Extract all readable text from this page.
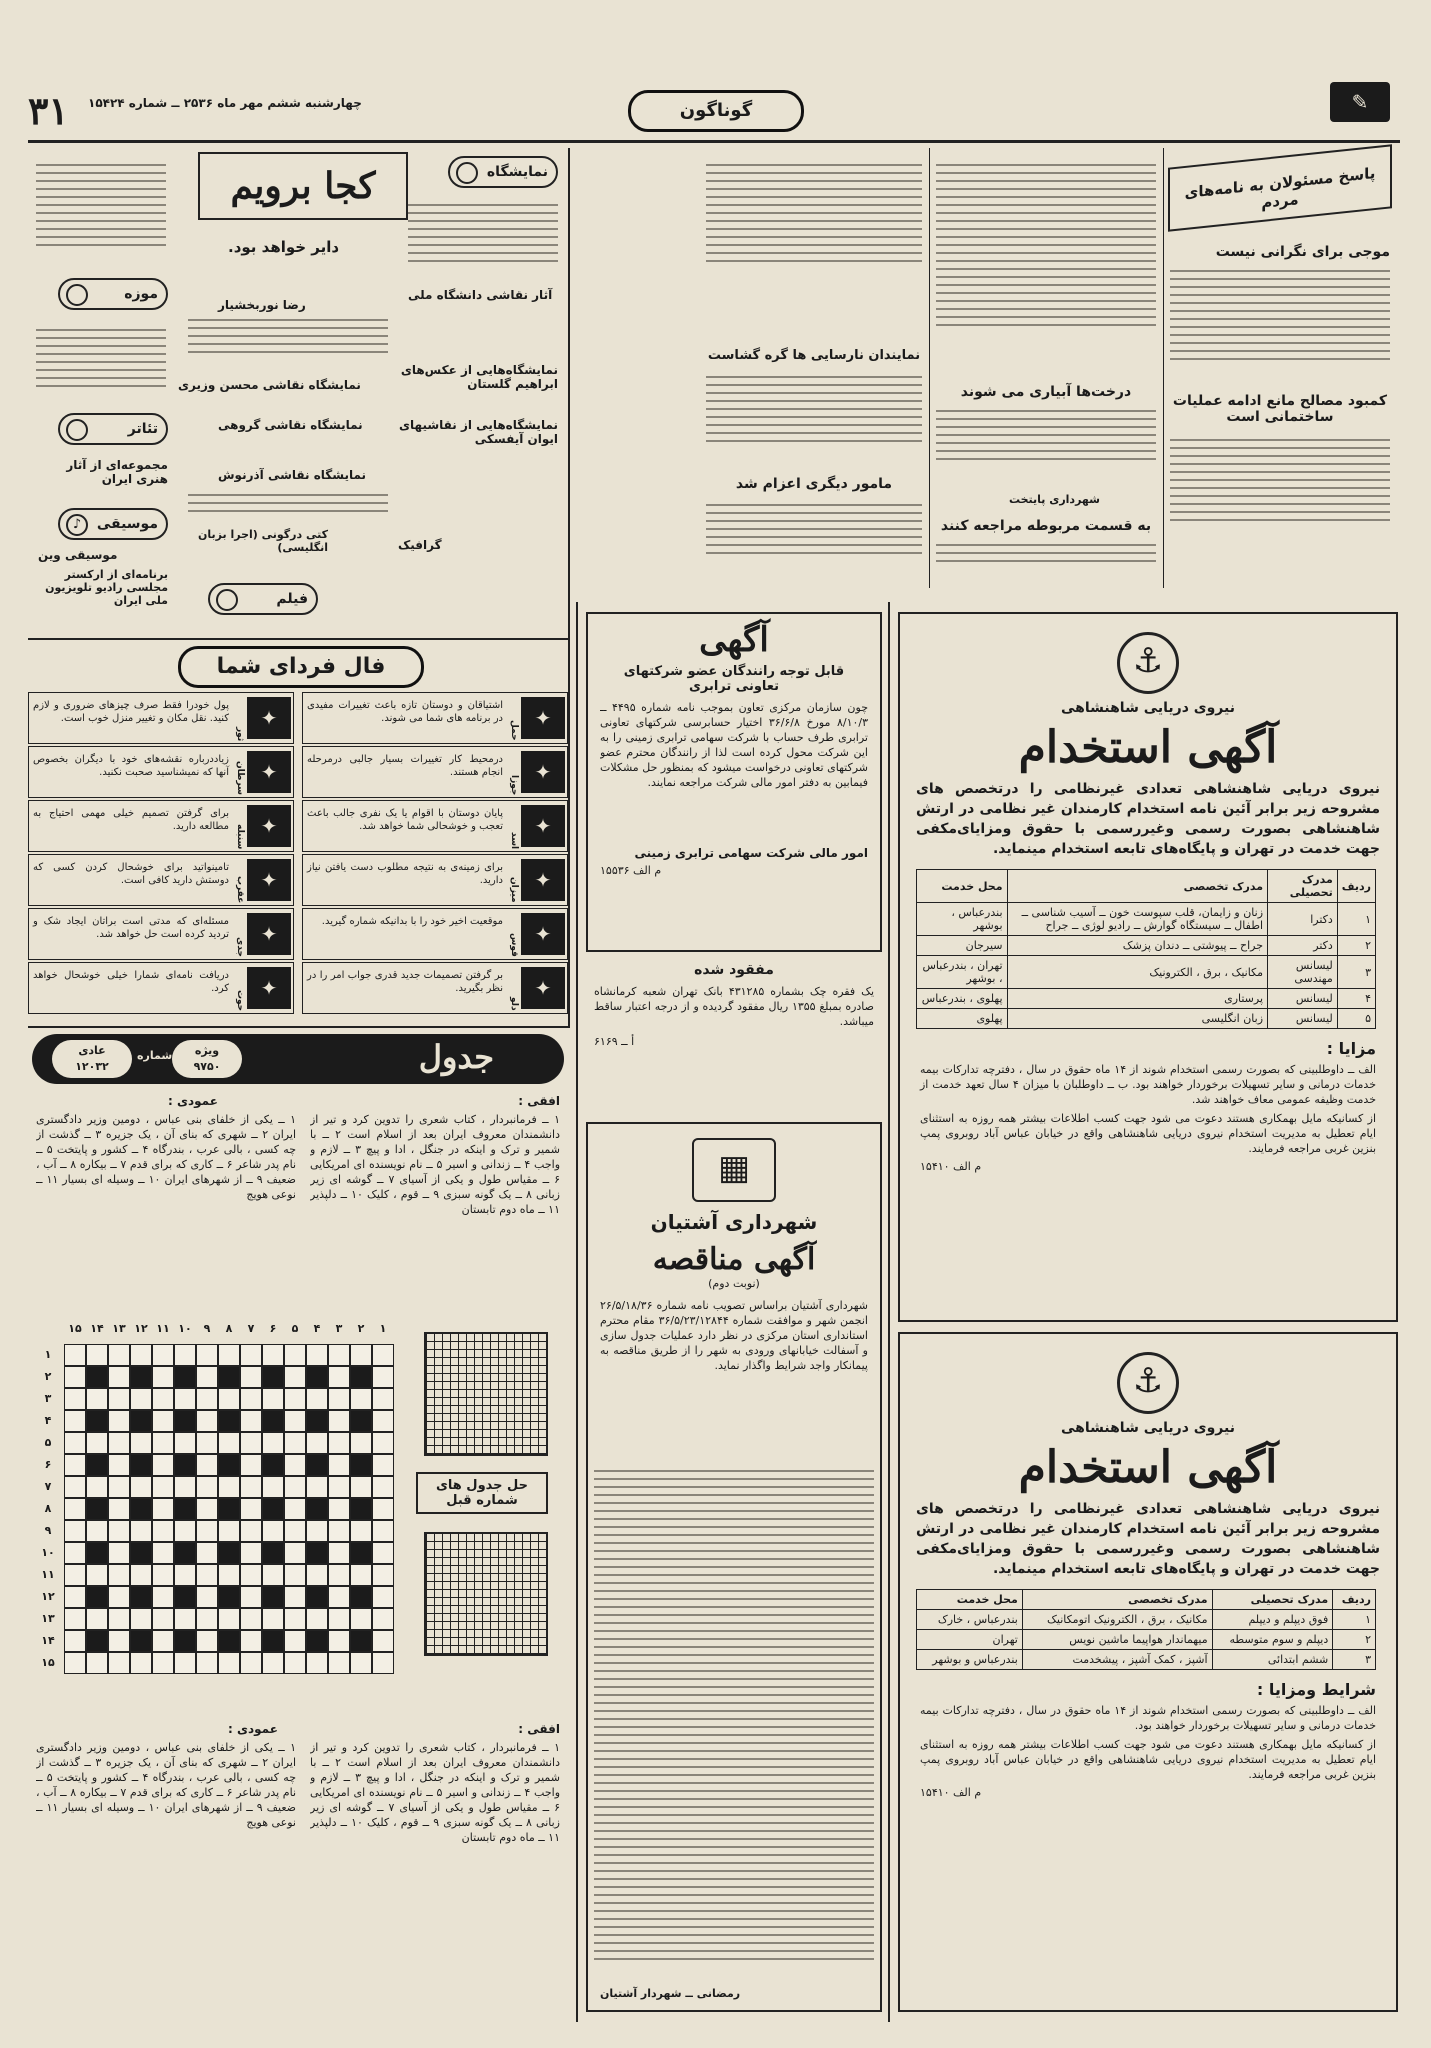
۳۱ چهارشنبه ششم مهر ماه ۲۵۳۶ ــ شماره ۱۵۴۲۴	گوناگون	✎
پاسخ مسئولان به نامه‌های مردم
موجی برای نگرانی نیست
کمبود مصالح مانع ادامه عملیات ساختمانی است
درخت‌ها آبیاری می شوند
شهرداری پایتخت
به قسمت مربوطه مراجعه کنند
نمایندان نارسایی ها گره گشاست
مامور دیگری اعزام شد
کجا برویم	نمایشگاه
موزه
تئاتر
♪	موسیقی
فیلم
دایر خواهد بود.
نمایشگاه نقاشی محسن وزیری
آثار نقاشی دانشگاه ملی
نمایشگاه‌هایی از عکس‌های ابراهیم گلستان
نمایشگاه‌هایی از نقاشیهای ایوان آیفسکی
نمایشگاه نقاشی آذرنوش
نمایشگاه نقاشی گروهی
مجموعه‌ای از آثار هنری ایران
گرافیک
موسیقی وین
برنامه‌ای از ارکستر مجلسی رادیو تلویزیون ملی ایران
کتی درگونی (اجرا بزبان انگلیسی)
رضا نوربخشیار
فال فردای شما
✦
حمل
اشتیاقان و دوستان تازه باعث تغییرات مفیدی در برنامه های شما می شوند.
✦
ثور
پول خودرا فقط صرف چیزهای ضروری و لازم کنید. نقل مکان و تغییر منزل خوب است.
✦
جوزا
درمحیط کار تغییرات بسیار جالبی درمرحله انجام هستند.
✦
سرطان
زیاددرباره نقشه‌های خود با دیگران بخصوص آنها که نمیشناسید صحبت نکنید.
✦
اسد
پایان دوستان با اقوام یا یک نفری جالب باعث تعجب و خوشحالی شما خواهد شد.
✦
سنبله
برای گرفتن تصمیم خیلی مهمی احتیاج به مطالعه دارید.
✦
میزان
برای زمینه‌ی به نتیجه مطلوب دست یافتن نیاز دارید.
✦
عقرب
تامینواتید برای خوشحال کردن کسی که دوستش دارید کافی است.
✦
قوس
موقعیت اخیر خود را با بدانیکه شماره گیرید.
✦
جدی
مسئله‌ای که مدتی است براتان ایجاد شک و تردید کرده است حل خواهد شد.
✦
دلو
بر گرفتن تصمیمات جدید قدری جواب امر را در نظر بگیرید.
✦
حوت
دریافت نامه‌ای شمارا خیلی خوشحال خواهد کرد.
جدول
ویژه
۹۷۵۰
شماره
عادی
۱۲۰۳۲
افقی :
عمودی :
۱ ــ فرمانبردار ، کتاب شعری را تدوین کرد و تیر از دانشمندان معروف ایران بعد از اسلام است ۲ ــ با شمیر و ترک و اینکه در جنگل ، ادا و پیچ ۳ ــ لازم و واجب ۴ ــ زندانی و اسیر ۵ ــ نام نویسنده ای امریکایی ۶ ــ مقیاس طول و یکی از آسیای ۷ ــ گوشه ای زیر زبانی ۸ ــ یک گونه سبزی ۹ ــ قوم ، کلیک ۱۰ ــ دلپذیر ۱۱ ــ ماه دوم تابستان
۱ ــ یکی از خلفای بنی عباس ، دومین وزیر دادگستری ایران ۲ ــ شهری که بنای آن ، یک جزیره ۳ ــ گذشت از چه کسی ، بالی عرب ، بندرگاه ۴ ــ کشور و پایتخت ۵ ــ نام پدر شاعر ۶ ــ کاری که برای قدم ۷ ــ بیکاره ۸ ــ آب ، ضعیف ۹ ــ از شهرهای ایران ۱۰ ــ وسیله ای بسیار ۱۱ ــ نوعی هویج
۱
۲
۳
۴
۵
۶
۷
۸
۹
۱۰
۱۱
۱۲
۱۳
۱۴
۱۵
۱
۲
۳
۴
۵
۶
۷
۸
۹
۱۰
۱۱
۱۲
۱۳
۱۴
۱۵
حل جدول های شماره قبل
افقی :
عمودی :
۱ ــ فرمانبردار ، کتاب شعری را تدوین کرد و تیر از دانشمندان معروف ایران بعد از اسلام است ۲ ــ با شمیر و ترک و اینکه در جنگل ، ادا و پیچ ۳ ــ لازم و واجب ۴ ــ زندانی و اسیر ۵ ــ نام نویسنده ای امریکایی ۶ ــ مقیاس طول و یکی از آسیای ۷ ــ گوشه ای زیر زبانی ۸ ــ یک گونه سبزی ۹ ــ قوم ، کلیک ۱۰ ــ دلپذیر ۱۱ ــ ماه دوم تابستان
۱ ــ یکی از خلفای بنی عباس ، دومین وزیر دادگستری ایران ۲ ــ شهری که بنای آن ، یک جزیره ۳ ــ گذشت از چه کسی ، بالی عرب ، بندرگاه ۴ ــ کشور و پایتخت ۵ ــ نام پدر شاعر ۶ ــ کاری که برای قدم ۷ ــ بیکاره ۸ ــ آب ، ضعیف ۹ ــ از شهرهای ایران ۱۰ ــ وسیله ای بسیار ۱۱ ــ نوعی هویج
آگهی
قابل توجه رانندگان عضو شرکتهای تعاونی ترابری
چون سازمان مرکزی تعاون بموجب نامه شماره ۴۴۹۵ ــ ۸/۱۰/۳ مورخ ۳۶/۶/۸ اختیار حسابرسی شرکتهای تعاونی ترابری طرف حساب با شرکت سهامی ترابری زمینی را به این شرکت محول کرده است لذا از رانندگان محترم عضو شرکتهای تعاونی درخواست میشود که بمنظور حل مشکلات فیمابین به دفتر امور مالی شرکت مراجعه نمایند.
امور مالی شرکت سهامی ترابری زمینی
م الف ۱۵۵۳۶
مفقود شده
یک فقره چک بشماره ۴۳۱۲۸۵ بانک تهران شعبه کرمانشاه صادره بمبلغ ۱۳۵۵ ریال مفقود گردیده و از درجه اعتبار ساقط میباشد.
أ ــ ۶۱۶۹
▦
شهرداری آشتیان
آگهی مناقصه
(نوبت دوم)
شهرداری آشتیان براساس تصویب نامه شماره ۲۶/۵/۱۸/۳۶ انجمن شهر و موافقت شماره ۳۶/۵/۲۳/۱۲۸۴۴ مقام محترم استانداری استان مرکزی در نظر دارد عملیات جدول سازی و آسفالت خیابانهای ورودی به شهر را از طریق مناقصه به پیمانکار واجد شرایط واگذار نماید.
رمضانی ــ شهردار آشتیان
⚓
نیروی دریایی شاهنشاهی
آگهی استخدام
نیروی دریایی شاهنشاهی تعدادی غیرنظامی را درتخصص های مشروحه زیر برابر آئین نامه استخدام کارمندان غیر نظامی در ارتش شاهنشاهی بصورت رسمی وغیررسمی با حقوق ومزایای‌مکفی جهت خدمت در تهران و پایگاه‌های تابعه استخدام مینماید.
ردیف	مدرک تحصیلی	مدرک تخصصی	محل خدمت
۱	دکترا	زنان و زایمان، قلب سپوست خون ــ آسیب شناسی ــ اطفال ــ سیستگاه گوارش ــ رادیو لوژی ــ جراح	بندرعباس ، بوشهر
۲	دکتر	جراح ــ پیوشتی ــ دندان پزشک	سیرجان
۳	لیسانس مهندسی	مکانیک ، برق ، الکترونیک	تهران ، بندرعباس ، بوشهر
۴	لیسانس	پرستاری	پهلوی ، بندرعباس
۵	لیسانس	زبان انگلیسی	پهلوی
مزایا :
الف ــ داوطلبینی که بصورت رسمی استخدام شوند از ۱۴ ماه حقوق در سال ، دفترچه تدارکات بیمه خدمات درمانی و سایر تسهیلات برخوردار خواهند بود. ب ــ داوطلبان با میزان ۴ سال تعهد خدمت از خدمت وظیفه عمومی معاف خواهند شد.
از کسانیکه مایل بهمکاری هستند دعوت می شود جهت کسب اطلاعات بیشتر همه روزه به استثنای ایام تعطیل به مدیریت استخدام نیروی دریایی شاهنشاهی واقع در خیابان عباس آباد روبروی پمپ بنزین غربی مراجعه فرمایند.
م الف ۱۵۴۱۰
⚓
نیروی دریایی شاهنشاهی
آگهی استخدام
نیروی دریایی شاهنشاهی تعدادی غیرنظامی را درتخصص های مشروحه زیر برابر آئین نامه استخدام کارمندان غیر نظامی در ارتش شاهنشاهی بصورت رسمی وغیررسمی با حقوق ومزایای‌مکفی جهت خدمت در تهران و پایگاه‌های تابعه استخدام مینماید.
ردیف	مدرک تحصیلی	مدرک تخصصی	محل خدمت
۱	فوق دیپلم و دیپلم	مکانیک ، برق ، الکترونیک اتومکانیک	بندرعباس ، خارک
۲	دیپلم و سوم متوسطه	میهماندار هواپیما ماشین نویس	تهران
۳	ششم ابتدائی	آشپز ، کمک آشپز ، پیشخدمت	بندرعباس و بوشهر
شرایط ومزایا :
الف ــ داوطلبینی که بصورت رسمی استخدام شوند از ۱۴ ماه حقوق در سال ، دفترچه تدارکات بیمه خدمات درمانی و سایر تسهیلات برخوردار خواهند بود.
از کسانیکه مایل بهمکاری هستند دعوت می شود جهت کسب اطلاعات بیشتر همه روزه به استثنای ایام تعطیل به مدیریت استخدام نیروی دریایی شاهنشاهی واقع در خیابان عباس آباد روبروی پمپ بنزین غربی مراجعه فرمایند.
م الف ۱۵۴۱۰
